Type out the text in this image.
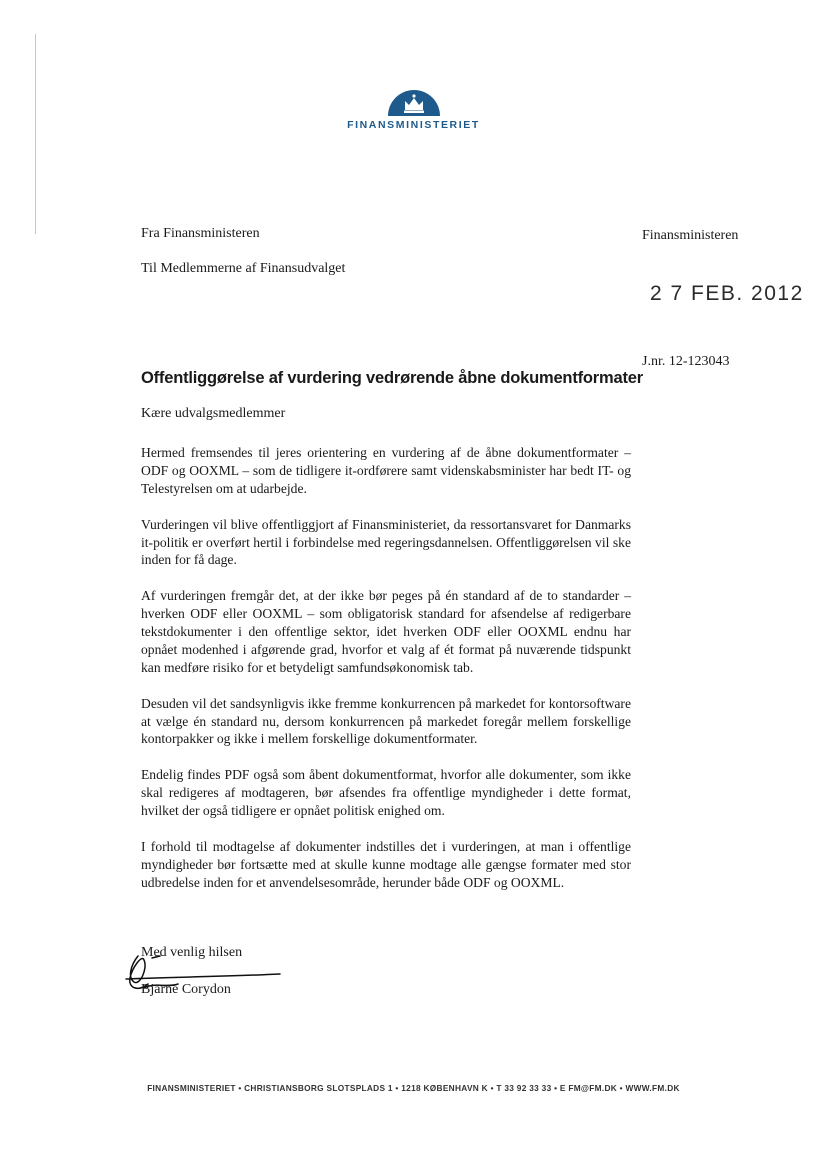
FINANSMINISTERIET
Fra Finansministeren
Til Medlemmerne af Finansudvalget
Finansministeren
2 7 FEB. 2012
J.nr. 12-123043
Offentliggørelse af vurdering vedrørende åbne dokumentformater
Kære udvalgsmedlemmer

Hermed fremsendes til jeres orientering en vurdering af de åbne dokumentformater – ODF og OOXML – som de tidligere it-ordførere samt videnskabsminister har bedt IT- og Telestyrelsen om at udarbejde.

Vurderingen vil blive offentliggjort af Finansministeriet, da ressortansvaret for Danmarks it-politik er overført hertil i forbindelse med regeringsdannelsen. Offentliggørelsen vil ske inden for få dage.

Af vurderingen fremgår det, at der ikke bør peges på én standard af de to standarder – hverken ODF eller OOXML – som obligatorisk standard for afsendelse af redigerbare tekstdokumenter i den offentlige sektor, idet hverken ODF eller OOXML endnu har opnået modenhed i afgørende grad, hvorfor et valg af ét format på nuværende tidspunkt kan medføre risiko for et betydeligt samfundsøkonomisk tab.

Desuden vil det sandsynligvis ikke fremme konkurrencen på markedet for kontorsoftware at vælge én standard nu, dersom konkurrencen på markedet foregår mellem forskellige kontorpakker og ikke i mellem forskellige dokumentformater.

Endelig findes PDF også som åbent dokumentformat, hvorfor alle dokumenter, som ikke skal redigeres af modtageren, bør afsendes fra offentlige myndigheder i dette format, hvilket der også tidligere er opnået politisk enighed om.

I forhold til modtagelse af dokumenter indstilles det i vurderingen, at man i offentlige myndigheder bør fortsætte med at skulle kunne modtage alle gængse formater med stor udbredelse inden for et anvendelsesområde, herunder både ODF og OOXML.

Med venlig hilsen
Bjarne Corydon
FINANSMINISTERIET • CHRISTIANSBORG SLOTSPLADS 1 • 1218 KØBENHAVN K • T 33 92 33 33 • E FM@FM.DK • WWW.FM.DK
